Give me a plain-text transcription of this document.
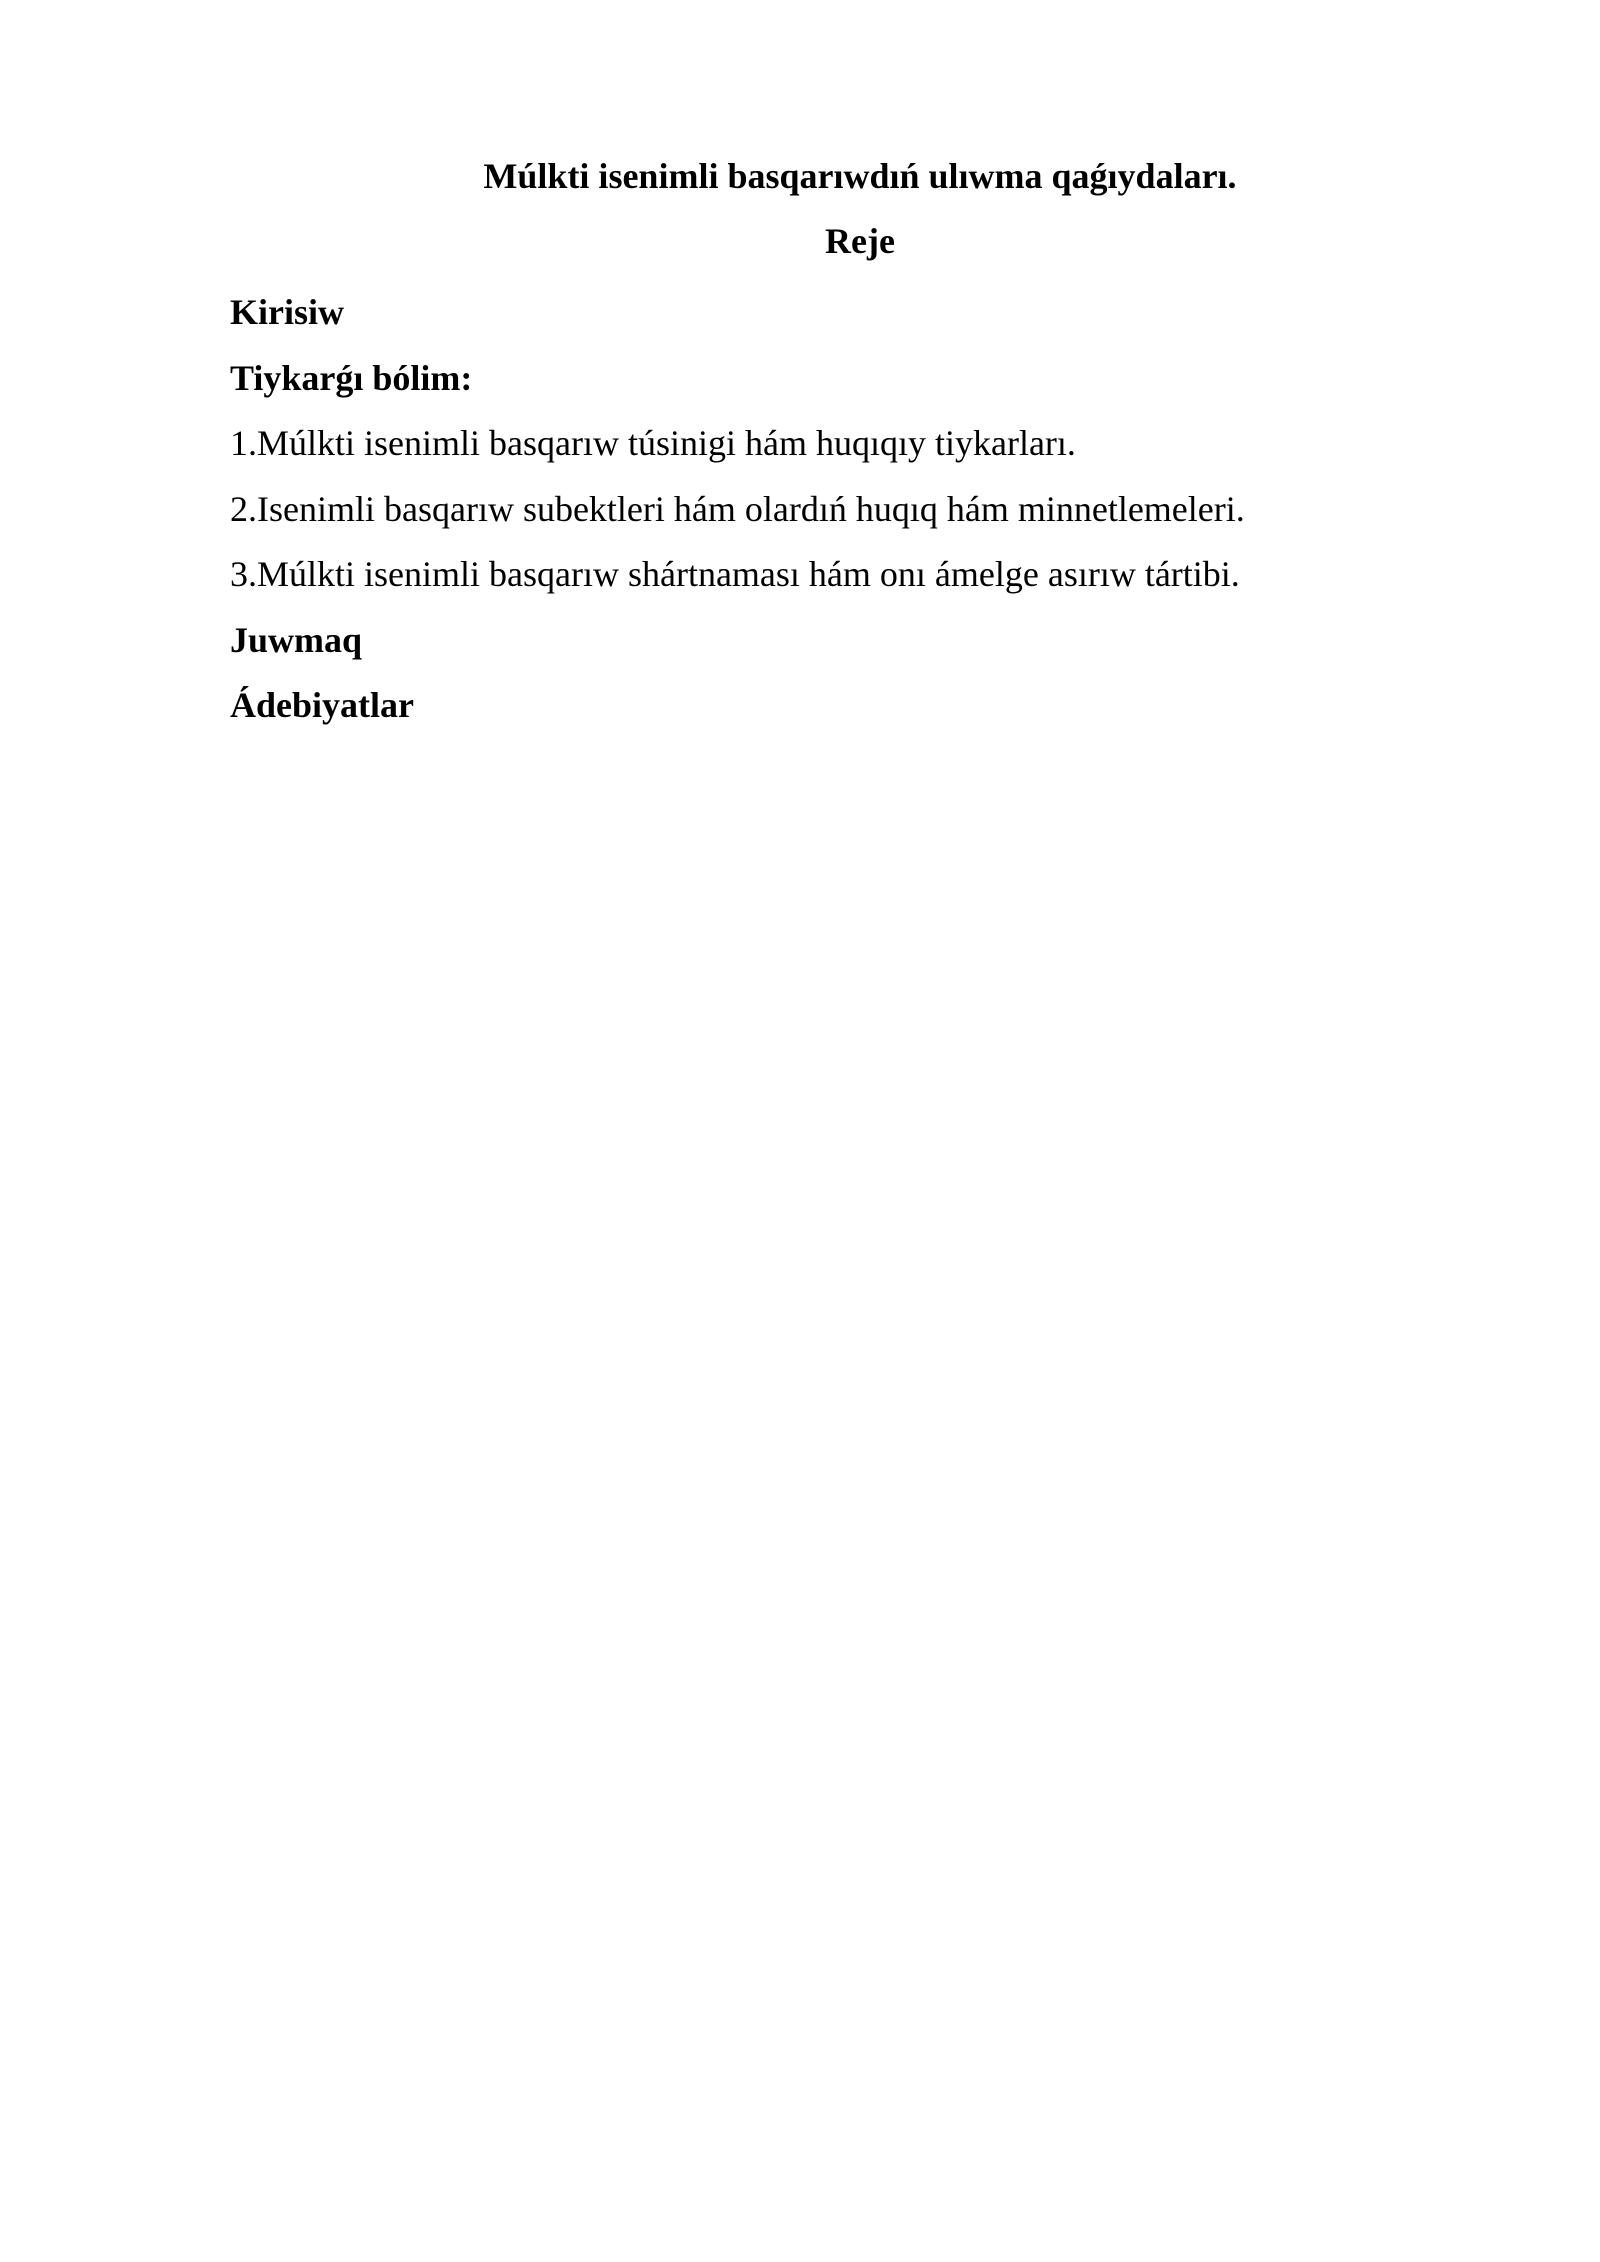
Múlkti isenimli basqarıwdıń ulıwma qaǵıydaları.
Reje
Kirisiw
Tiykarǵı bólim:
1.Múlkti isenimli basqarıw túsinigi hám huqıqıy tiykarları.
2.Isenimli basqarıw subektleri hám olardıń huqıq hám minnetlemeleri.
3.Múlkti isenimli basqarıw shártnaması hám onı ámelge asırıw tártibi.
Juwmaq
Ádebiyatlar
